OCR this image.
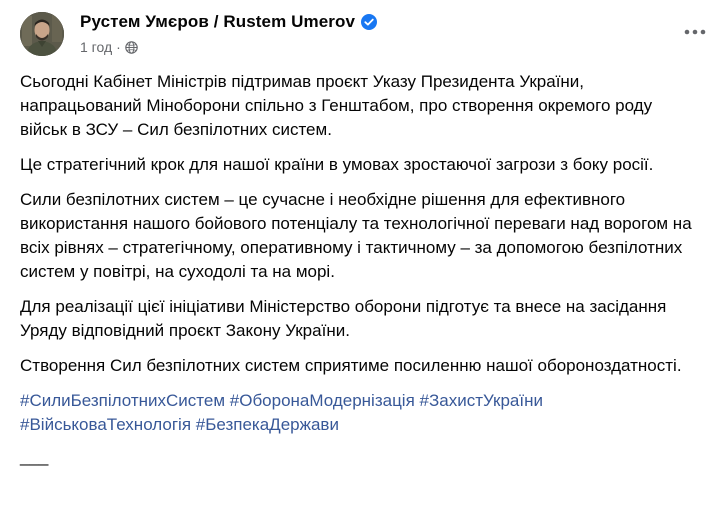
Рустем Умєров / Rustem Umerov
1 год ·

Сьогодні Кабінет Міністрів підтримав проєкт Указу Президента України, напрацьований Міноборони спільно з Генштабом, про створення окремого роду військ в ЗСУ – Сил безпілотних систем.

Це стратегічний крок для нашої країни в умовах зростаючої загрози з боку росії.

Сили безпілотних систем – це сучасне і необхідне рішення для ефективного використання нашого бойового потенціалу та технологічної переваги над ворогом на всіх рівнях – стратегічному, оперативному і тактичному – за допомогою безпілотних систем у повітрі, на суходолі та на морі.

Для реалізації цієї ініціативи Міністерство оборони підготує та внесе на засідання Уряду відповідний проєкт Закону України.

Створення Сил безпілотних систем сприятиме посиленню нашої обороноздатності.

#СилиБезпілотнихСистем #ОборонаМодернізація #ЗахистУкраїни
#ВійськоваТехнологія #БезпекаДержави
___
